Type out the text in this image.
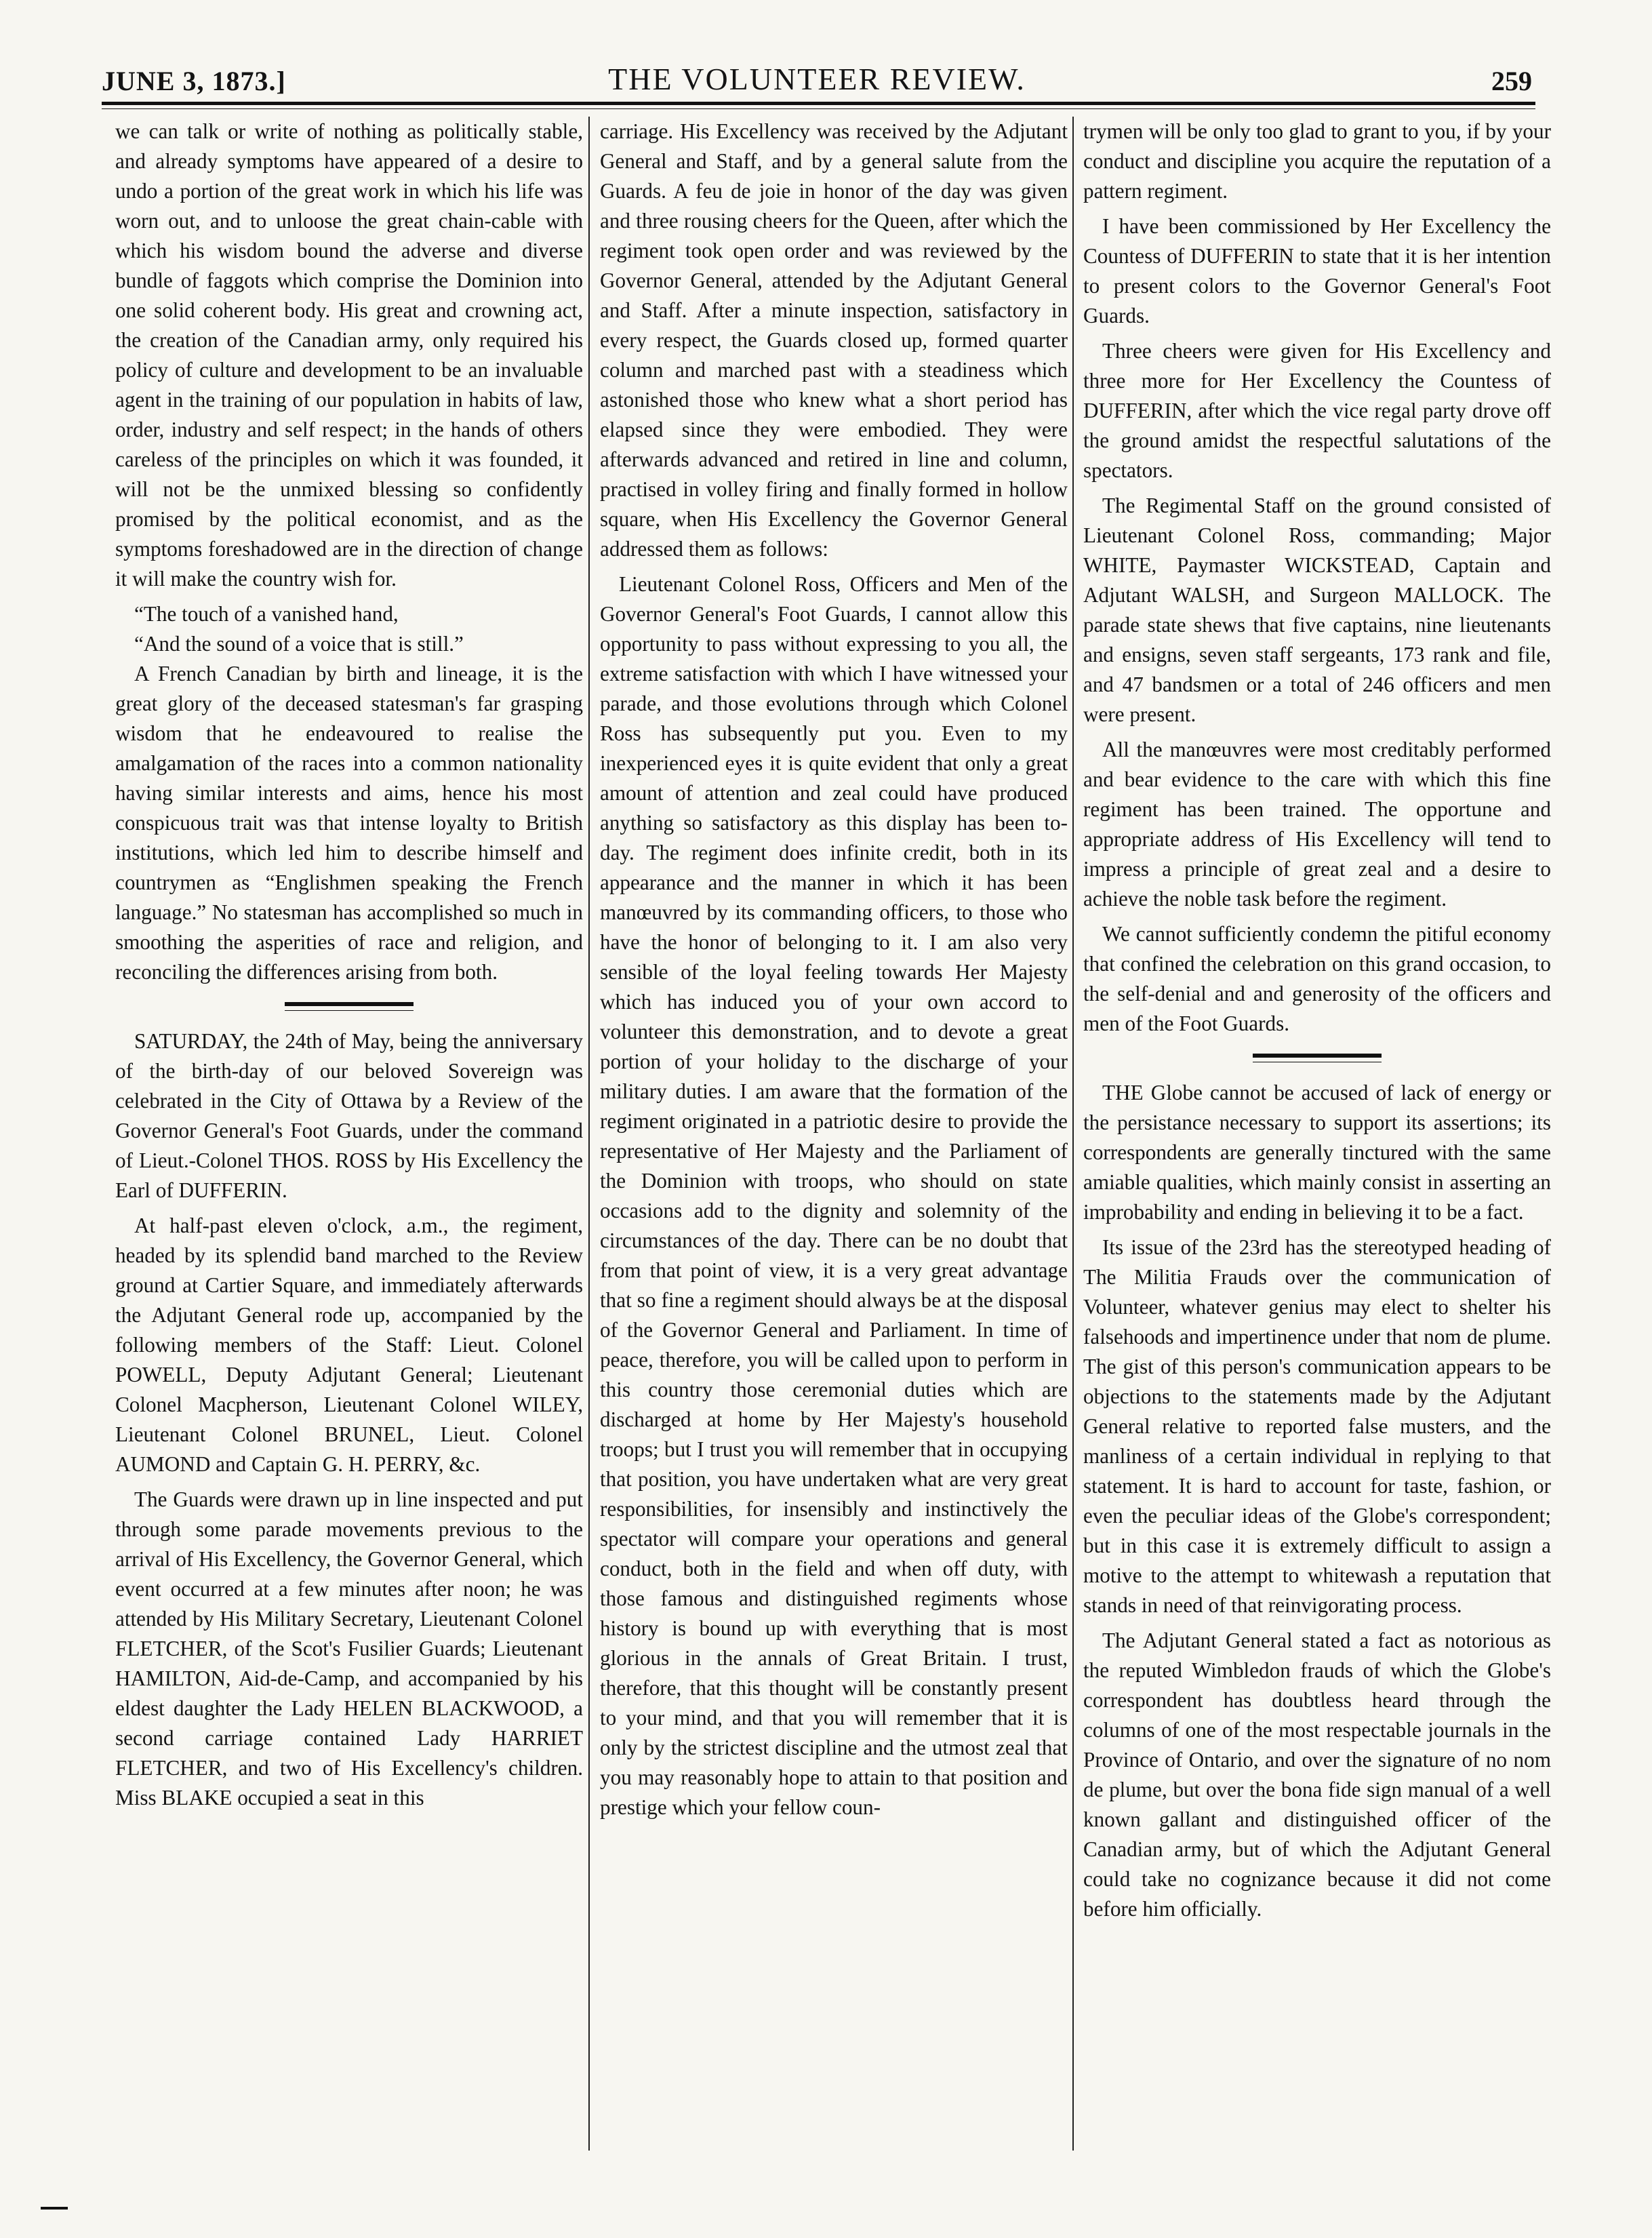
JUNE 3, 1873.]	THE VOLUNTEER REVIEW.	259

we can talk or write of nothing as politically stable, and already symptoms have appeared of a desire to undo a portion of the great work in which his life was worn out, and to unloose the great chain-cable with which his wisdom bound the adverse and diverse bundle of faggots which comprise the Dominion into one solid coherent body. His great and crowning act, the creation of the Canadian army, only required his policy of culture and development to be an invaluable agent in the training of our population in habits of law, order, industry and self respect; in the hands of others careless of the principles on which it was founded, it will not be the unmixed blessing so confidently promised by the political economist, and as the symptoms foreshadowed are in the direction of change it will make the country wish for.

“The touch of a vanished hand,

“And the sound of a voice that is still.”

A French Canadian by birth and lineage, it is the great glory of the deceased statesman's far grasping wisdom that he endeavoured to realise the amalgamation of the races into a common nationality having similar interests and aims, hence his most conspicuous trait was that intense loyalty to British institutions, which led him to describe himself and countrymen as “Englishmen speaking the French language.” No statesman has accomplished so much in smoothing the asperities of race and religion, and reconciling the differences arising from both.

SATURDAY, the 24th of May, being the anniversary of the birth-day of our beloved Sovereign was celebrated in the City of Ottawa by a Review of the Governor General's Foot Guards, under the command of Lieut.-Colonel THOS. ROSS by His Excellency the Earl of DUFFERIN.

At half-past eleven o'clock, a.m., the regiment, headed by its splendid band marched to the Review ground at Cartier Square, and immediately afterwards the Adjutant General rode up, accompanied by the following members of the Staff: Lieut. Colonel POWELL, Deputy Adjutant General; Lieutenant Colonel Macpherson, Lieutenant Colonel WILEY, Lieutenant Colonel BRUNEL, Lieut. Colonel AUMOND and Captain G. H. PERRY, &c.

The Guards were drawn up in line inspected and put through some parade movements previous to the arrival of His Excellency, the Governor General, which event occurred at a few minutes after noon; he was attended by His Military Secretary, Lieutenant Colonel FLETCHER, of the Scot's Fusilier Guards; Lieutenant HAMILTON, Aid-de-Camp, and accompanied by his eldest daughter the Lady HELEN BLACKWOOD, a second carriage contained Lady HARRIET FLETCHER, and two of His Excellency's children. Miss BLAKE occupied a seat in this

carriage. His Excellency was received by the Adjutant General and Staff, and by a general salute from the Guards. A feu de joie in honor of the day was given and three rousing cheers for the Queen, after which the regiment took open order and was reviewed by the Governor General, attended by the Adjutant General and Staff. After a minute inspection, satisfactory in every respect, the Guards closed up, formed quarter column and marched past with a steadiness which astonished those who knew what a short period has elapsed since they were embodied. They were afterwards advanced and retired in line and column, practised in volley firing and finally formed in hollow square, when His Excellency the Governor General addressed them as follows:

Lieutenant Colonel Ross, Officers and Men of the Governor General's Foot Guards, I cannot allow this opportunity to pass without expressing to you all, the extreme satisfaction with which I have witnessed your parade, and those evolutions through which Colonel Ross has subsequently put you. Even to my inexperienced eyes it is quite evident that only a great amount of attention and zeal could have produced anything so satisfactory as this display has been to-day. The regiment does infinite credit, both in its appearance and the manner in which it has been manœuvred by its commanding officers, to those who have the honor of belonging to it. I am also very sensible of the loyal feeling towards Her Majesty which has induced you of your own accord to volunteer this demonstration, and to devote a great portion of your holiday to the discharge of your military duties. I am aware that the formation of the regiment originated in a patriotic desire to provide the representative of Her Majesty and the Parliament of the Dominion with troops, who should on state occasions add to the dignity and solemnity of the circumstances of the day. There can be no doubt that from that point of view, it is a very great advantage that so fine a regiment should always be at the disposal of the Governor General and Parliament. In time of peace, therefore, you will be called upon to perform in this country those ceremonial duties which are discharged at home by Her Majesty's household troops; but I trust you will remember that in occupying that position, you have undertaken what are very great responsibilities, for insensibly and instinctively the spectator will compare your operations and general conduct, both in the field and when off duty, with those famous and distinguished regiments whose history is bound up with everything that is most glorious in the annals of Great Britain. I trust, therefore, that this thought will be constantly present to your mind, and that you will remember that it is only by the strictest discipline and the utmost zeal that you may reasonably hope to attain to that position and prestige which your fellow coun-

trymen will be only too glad to grant to you, if by your conduct and discipline you acquire the reputation of a pattern regiment.

I have been commissioned by Her Excellency the Countess of DUFFERIN to state that it is her intention to present colors to the Governor General's Foot Guards.

Three cheers were given for His Excellency and three more for Her Excellency the Countess of DUFFERIN, after which the vice regal party drove off the ground amidst the respectful salutations of the spectators.

The Regimental Staff on the ground consisted of Lieutenant Colonel Ross, commanding; Major WHITE, Paymaster WICKSTEAD, Captain and Adjutant WALSH, and Surgeon MALLOCK. The parade state shews that five captains, nine lieutenants and ensigns, seven staff sergeants, 173 rank and file, and 47 bandsmen or a total of 246 officers and men were present.

All the manœuvres were most creditably performed and bear evidence to the care with which this fine regiment has been trained. The opportune and appropriate address of His Excellency will tend to impress a principle of great zeal and a desire to achieve the noble task before the regiment.

We cannot sufficiently condemn the pitiful economy that confined the celebration on this grand occasion, to the self-denial and and generosity of the officers and men of the Foot Guards.

THE Globe cannot be accused of lack of energy or the persistance necessary to support its assertions; its correspondents are generally tinctured with the same amiable qualities, which mainly consist in asserting an improbability and ending in believing it to be a fact.

Its issue of the 23rd has the stereotyped heading of The Militia Frauds over the communication of Volunteer, whatever genius may elect to shelter his falsehoods and impertinence under that nom de plume. The gist of this person's communication appears to be objections to the statements made by the Adjutant General relative to reported false musters, and the manliness of a certain individual in replying to that statement. It is hard to account for taste, fashion, or even the peculiar ideas of the Globe's correspondent; but in this case it is extremely difficult to assign a motive to the attempt to whitewash a reputation that stands in need of that reinvigorating process.

The Adjutant General stated a fact as notorious as the reputed Wimbledon frauds of which the Globe's correspondent has doubtless heard through the columns of one of the most respectable journals in the Province of Ontario, and over the signature of no nom de plume, but over the bona fide sign manual of a well known gallant and distinguished officer of the Canadian army, but of which the Adjutant General could take no cognizance because it did not come before him officially.
